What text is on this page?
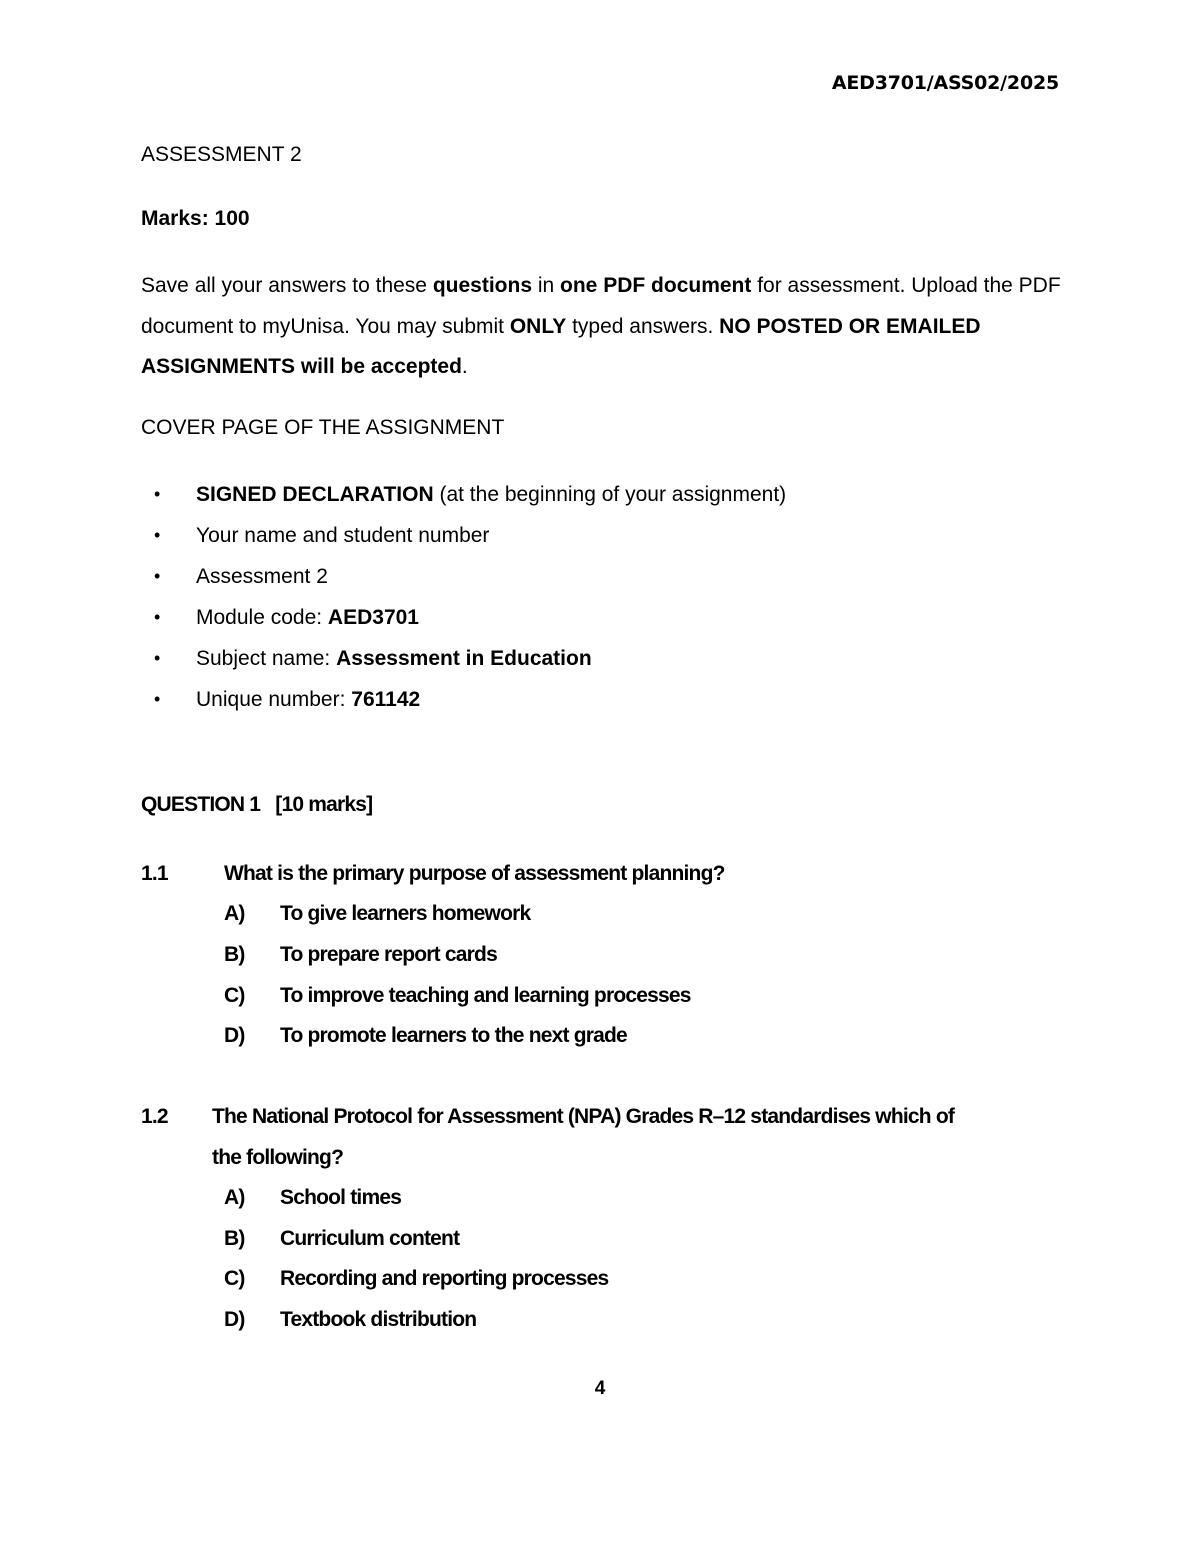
AED3701/ASS02/2025
ASSESSMENT 2
Marks: 100
Save all your answers to these questions in one PDF document for assessment. Upload the PDF document to myUnisa. You may submit ONLY typed answers. NO POSTED OR EMAILED ASSIGNMENTS will be accepted.
COVER PAGE OF THE ASSIGNMENT
• SIGNED DECLARATION (at the beginning of your assignment)
• Your name and student number
• Assessment 2
• Module code: AED3701
• Subject name: Assessment in Education
• Unique number: 761142
QUESTION 1   [10 marks]
1.1	What is the primary purpose of assessment planning?
A) To give learners homework
B) To prepare report cards
C) To improve teaching and learning processes
D) To promote learners to the next grade
1.2 The National Protocol for Assessment (NPA) Grades R–12 standardises which of
the following?
A) School times
B) Curriculum content
C) Recording and reporting processes
D) Textbook distribution
4
